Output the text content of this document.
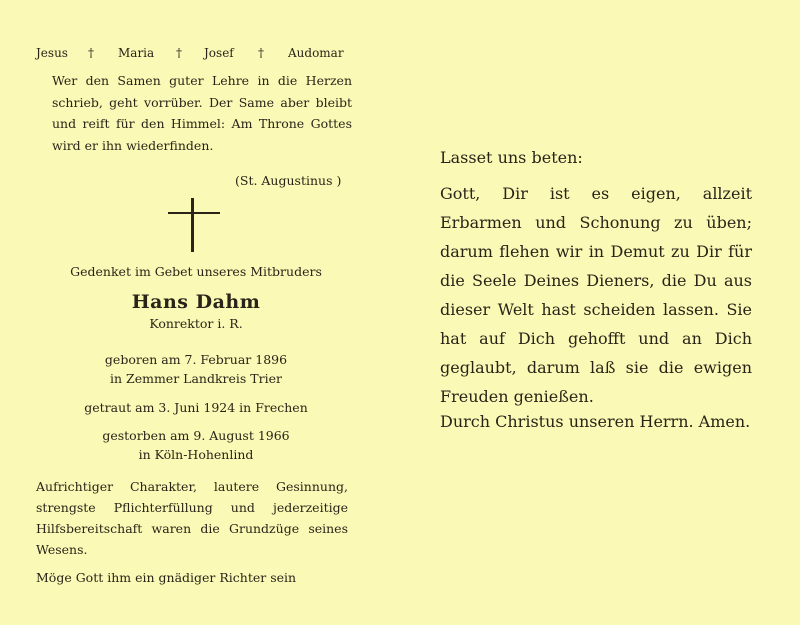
Jesus † Maria † Josef † Audomar
Wer den Samen guter Lehre in die Herzen schrieb, geht vorrüber. Der Same aber bleibt und reift für den Himmel: Am Throne Gottes wird er ihn wiederfinden.
(St. Augustinus )
Gedenket im Gebet unseres Mitbruders
Hans Dahm
Konrektor i. R.
geboren am 7. Februar 1896
in Zemmer Landkreis Trier
getraut am 3. Juni 1924 in Frechen
gestorben am 9. August 1966
in Köln-Hohenlind
Aufrichtiger Charakter, lautere Gesinnung, strengste Pflichterfüllung und jederzeitige Hilfsbereitschaft waren die Grundzüge seines Wesens.
Möge Gott ihm ein gnädiger Richter sein
Lasset uns beten:
Gott, Dir ist es eigen, allzeit Erbarmen und Schonung zu üben; darum flehen wir in Demut zu Dir für die Seele Deines Dieners, die Du aus dieser Welt hast scheiden lassen. Sie hat auf Dich gehofft und an Dich geglaubt, darum laß sie die ewigen Freuden genießen.
Durch Christus unseren Herrn. Amen.
